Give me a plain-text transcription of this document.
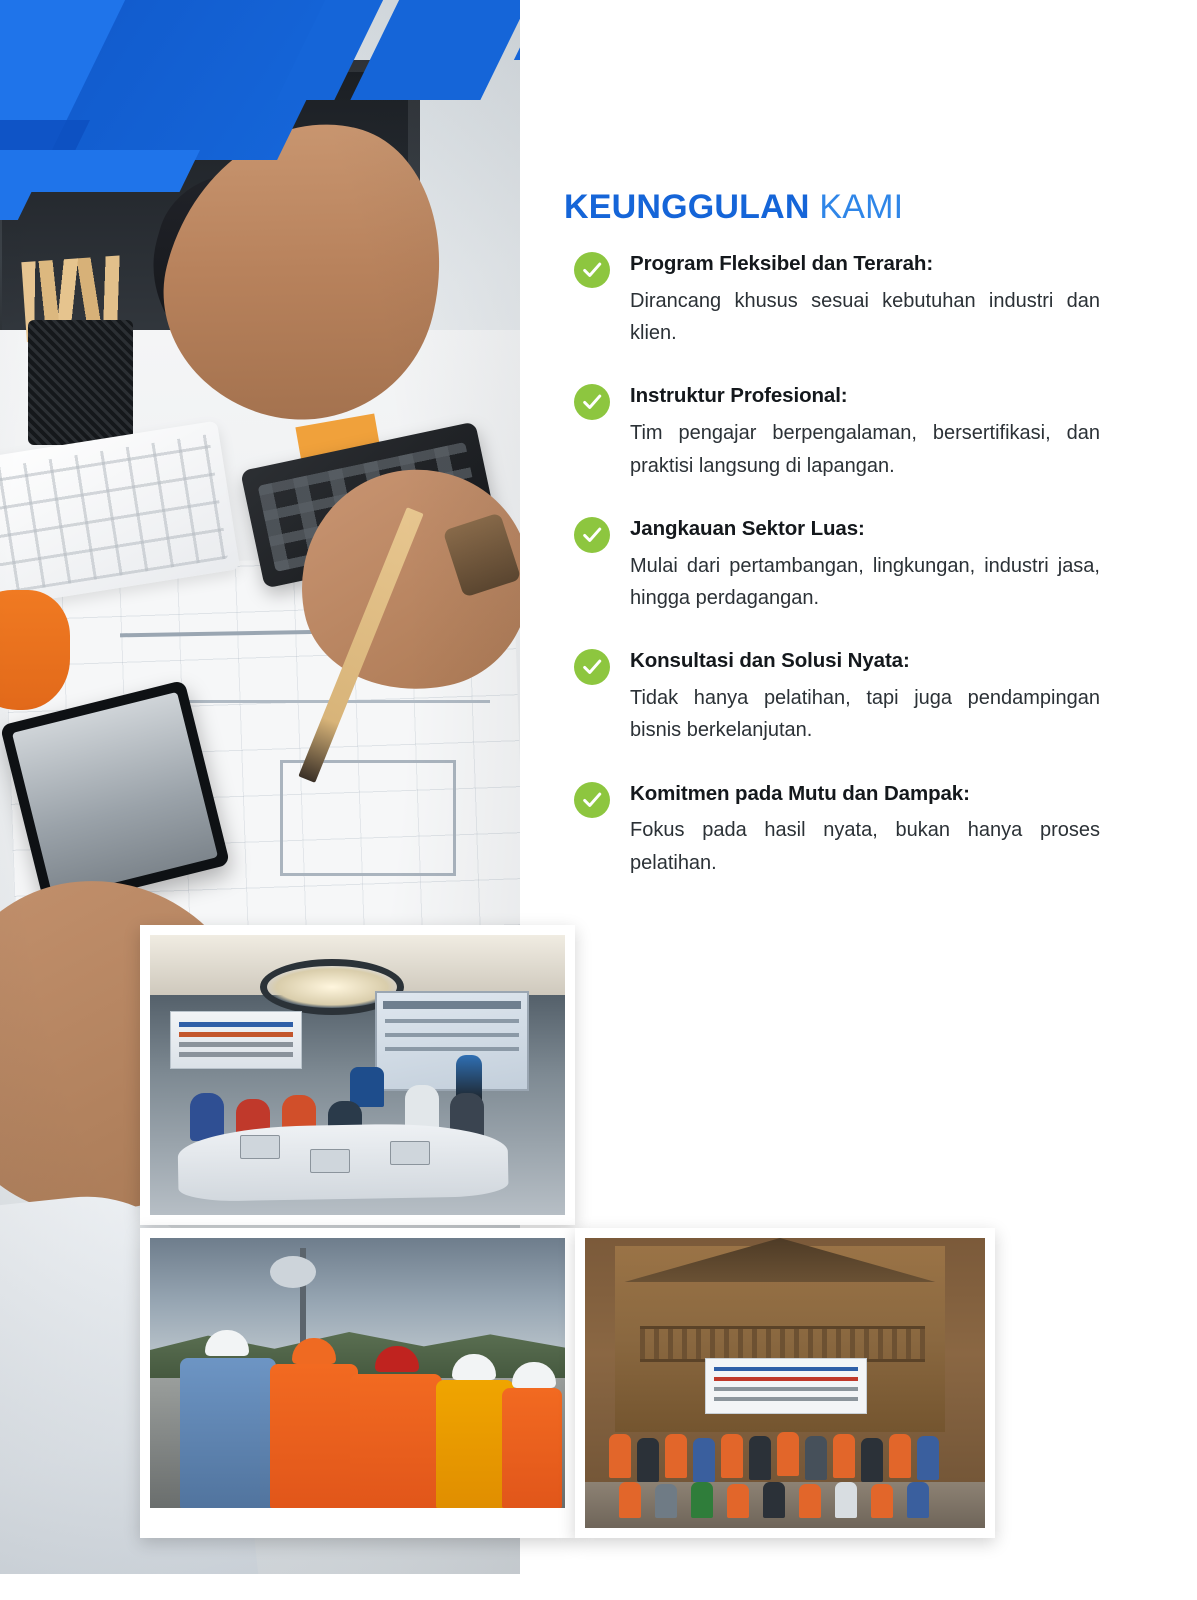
KEUNGGULAN KAMI

Program Fleksibel dan Terarah:

Dirancang khusus sesuai kebutuhan industri dan klien.

Instruktur Profesional:

Tim pengajar berpengalaman, bersertifikasi, dan praktisi langsung di lapangan.

Jangkauan Sektor Luas:

Mulai dari pertambangan, lingkungan, industri jasa, hingga perdagangan.

Konsultasi dan Solusi Nyata:

Tidak hanya pelatihan, tapi juga pendampingan bisnis berkelanjutan.

Komitmen pada Mutu dan Dampak:

Fokus pada hasil nyata, bukan hanya proses pelatihan.
